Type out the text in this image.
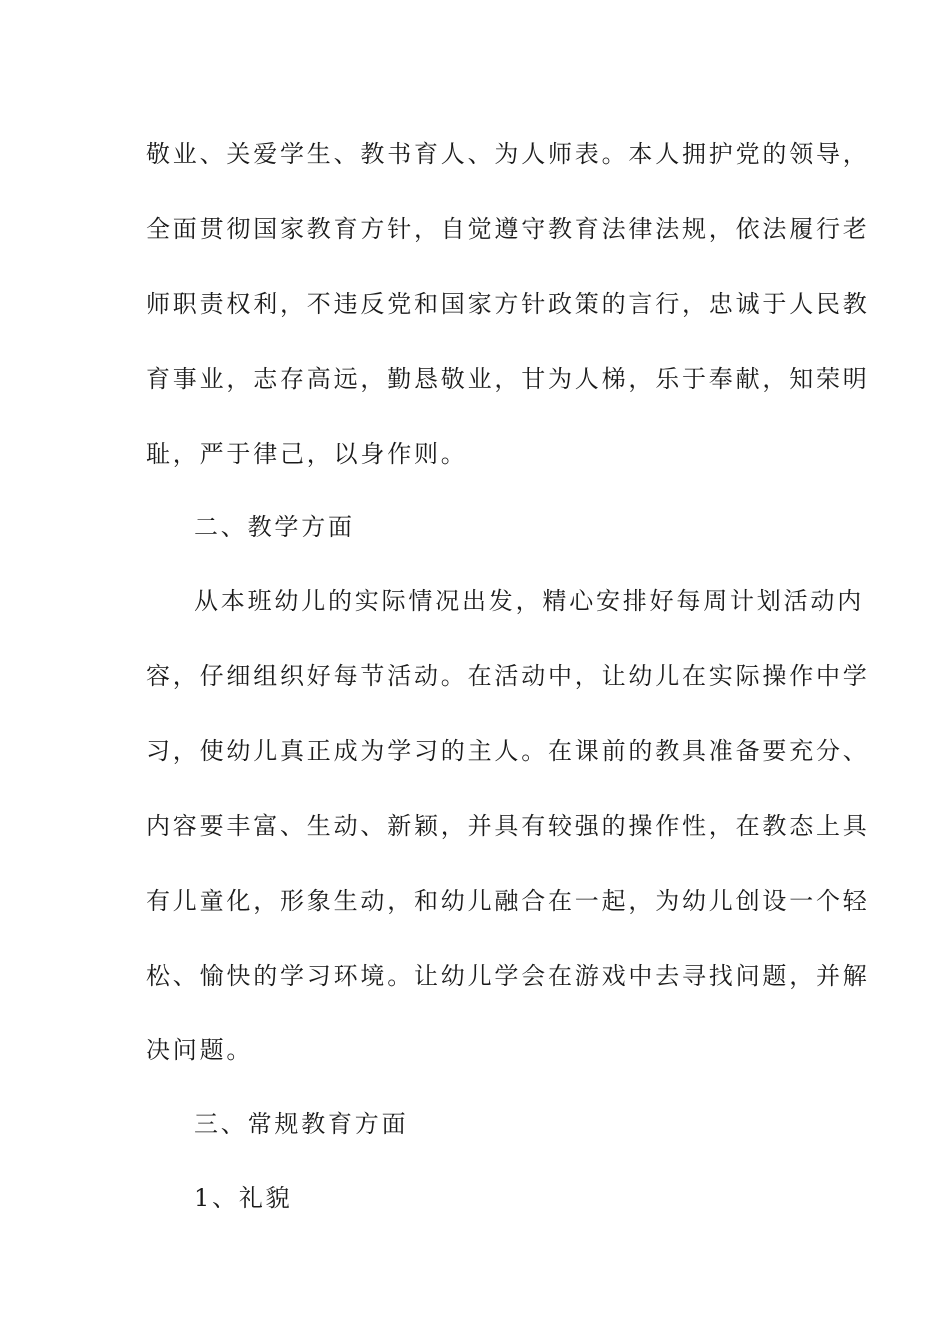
敬业、关爱学生、教书育人、为人师表。本人拥护党的领导，
全面贯彻国家教育方针，自觉遵守教育法律法规，依法履行老
师职责权利，不违反党和国家方针政策的言行，忠诚于人民教
育事业，志存高远，勤恳敬业，甘为人梯，乐于奉献，知荣明
耻，严于律己，以身作则。
二、教学方面
从本班幼儿的实际情况出发，精心安排好每周计划活动内
容，仔细组织好每节活动。在活动中，让幼儿在实际操作中学
习，使幼儿真正成为学习的主人。在课前的教具准备要充分、
内容要丰富、生动、新颖，并具有较强的操作性，在教态上具
有儿童化，形象生动，和幼儿融合在一起，为幼儿创设一个轻
松、愉快的学习环境。让幼儿学会在游戏中去寻找问题，并解
决问题。
三、常规教育方面
1、礼貌
